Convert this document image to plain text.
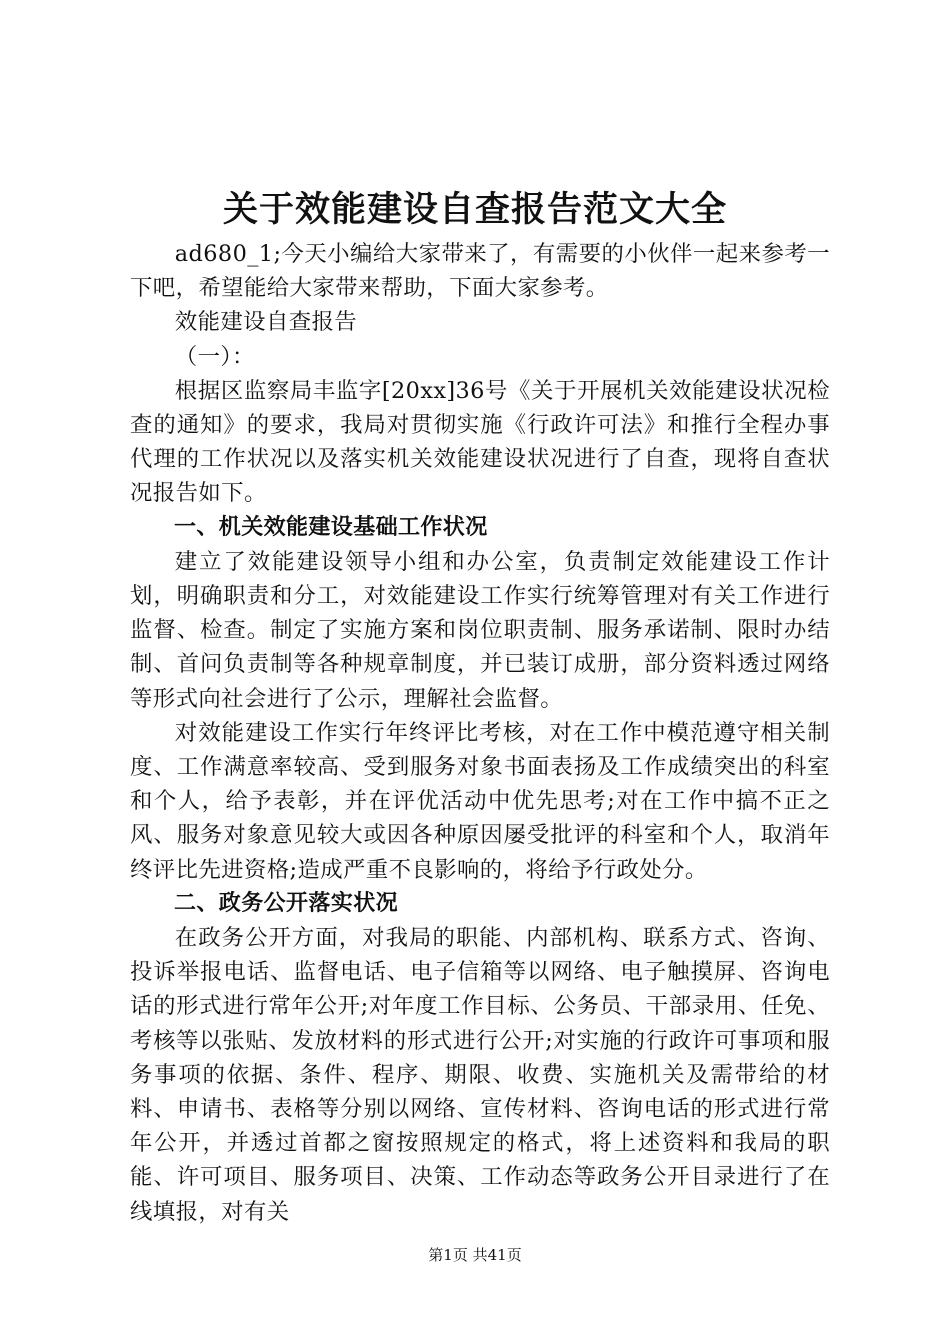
关于效能建设自查报告范文大全

ad680_1;今天小编给大家带来了，有需要的小伙伴一起来参考一下吧，希望能给大家带来帮助，下面大家参考。

效能建设自查报告

（一）：

根据区监察局丰监字[20xx]36号《关于开展机关效能建设状况检查的通知》的要求，我局对贯彻实施《行政许可法》和推行全程办事代理的工作状况以及落实机关效能建设状况进行了自查，现将自查状况报告如下。

一、机关效能建设基础工作状况

建立了效能建设领导小组和办公室，负责制定效能建设工作计划，明确职责和分工，对效能建设工作实行统筹管理对有关工作进行监督、检查。制定了实施方案和岗位职责制、服务承诺制、限时办结制、首问负责制等各种规章制度，并已装订成册，部分资料透过网络等形式向社会进行了公示，理解社会监督。

对效能建设工作实行年终评比考核，对在工作中模范遵守相关制度、工作满意率较高、受到服务对象书面表扬及工作成绩突出的科室和个人，给予表彰，并在评优活动中优先思考;对在工作中搞不正之风、服务对象意见较大或因各种原因屡受批评的科室和个人，取消年终评比先进资格;造成严重不良影响的，将给予行政处分。

二、政务公开落实状况

在政务公开方面，对我局的职能、内部机构、联系方式、咨询、投诉举报电话、监督电话、电子信箱等以网络、电子触摸屏、咨询电话的形式进行常年公开;对年度工作目标、公务员、干部录用、任免、考核等以张贴、发放材料的形式进行公开;对实施的行政许可事项和服务事项的依据、条件、程序、期限、收费、实施机关及需带给的材料、申请书、表格等分别以网络、宣传材料、咨询电话的形式进行常年公开，并透过首都之窗按照规定的格式，将上述资料和我局的职能、许可项目、服务项目、决策、工作动态等政务公开目录进行了在线填报，对有关

第1页 共41页
